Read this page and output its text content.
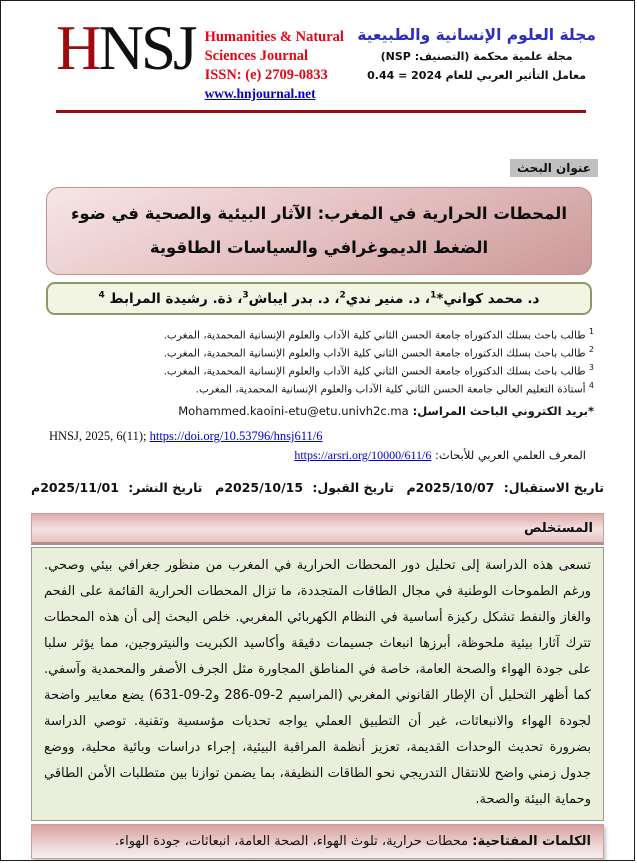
HNSJ Humanities & Natural
Sciences Journal
ISSN: (e) 2709-0833
www.hnjournal.net
مجلة العلوم الإنسانية والطبيعية
مجلة علمية محكمة (التصنيف: NSP)
معامل التأثير العربي للعام 2024 = 0.44
عنوان البحث
المحطات الحرارية في المغرب: الآثار البيئية والصحية في ضوء الضغط الديموغرافي والسياسات الطاقوية
د. محمد كواني*$^1$، د. منير ندي$^2$، د. بدر ايباش$^3$، ذة. رشيدة المرابط $^4$
$^1$ طالب باحث بسلك الدكتوراه جامعة الحسن الثاني كلية الآداب والعلوم الإنسانية المحمدية، المغرب.
$^2$ طالب باحث بسلك الدكتوراه جامعة الحسن الثاني كلية الآداب والعلوم الإنسانية المحمدية، المغرب.
$^3$ طالب باحث بسلك الدكتوراه جامعة الحسن الثاني كلية الآداب والعلوم الإنسانية المحمدية، المغرب.
$^4$ أستاذة التعليم العالي جامعة الحسن الثاني كلية الآداب والعلوم الإنسانية المحمدية، المغرب.
*بريد الكتروني الباحث المراسل: Mohammed.kaoini-etu@etu.univh2c.ma
HNSJ, 2025, 6(11); https://doi.org/10.53796/hnsj611/6
المعرف العلمي العربي للأبحاث: https://arsri.org/10000/611/6
تاريخ الاستقبال: 2025/10/07م
تاريخ القبول: 2025/10/15م
تاريخ النشر: 2025/11/01م
المستخلص
تسعى هذه الدراسة إلى تحليل دور المحطات الحرارية في المغرب من منظور جغرافي بيئي وصحي. ورغم الطموحات الوطنية في مجال الطاقات المتجددة، ما تزال المحطات الحرارية القائمة على الفحم والغاز والنفط تشكل ركيزة أساسية في النظام الكهربائي المغربي. خلص البحث إلى أن هذه المحطات تترك آثارا بيئية ملحوظة، أبرزها انبعاث جسيمات دقيقة وأكاسيد الكبريت والنيتروجين، مما يؤثر سلبا على جودة الهواء والصحة العامة، خاصة في المناطق المجاورة مثل الجرف الأصفر والمحمدية وآسفي. كما أظهر التحليل أن الإطار القانوني المغربي (المراسيم 2-09-286 و2-09-631) يضع معايير واضحة لجودة الهواء والانبعاثات، غير أن التطبيق العملي يواجه تحديات مؤسسية وتقنية. توصي الدراسة بضرورة تحديث الوحدات القديمة، تعزيز أنظمة المراقبة البيئية، إجراء دراسات وبائية محلية، ووضع جدول زمني واضح للانتقال التدريجي نحو الطاقات النظيفة، بما يضمن توازنا بين متطلبات الأمن الطاقي وحماية البيئة والصحة.
الكلمات المفتاحية: محطات حرارية، تلوث الهواء، الصحة العامة، انبعاثات، جودة الهواء.
